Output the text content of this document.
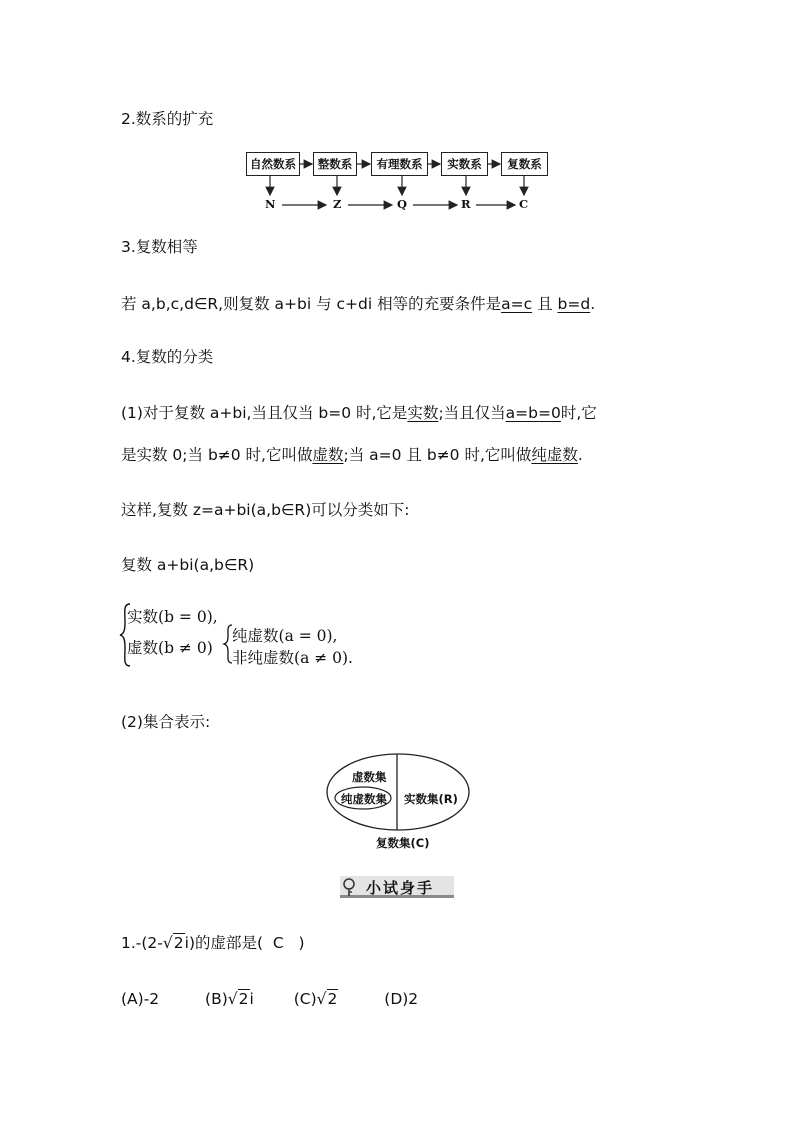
2.数系的扩充
自然数系	整数系	有理数系	实数系	复数系
N	Z	Q	R	C
3.复数相等
若 a,b,c,d∈R,则复数 a+bi 与 c+di 相等的充要条件是a=c 且 b=d.
4.复数的分类
(1)对于复数 a+bi,当且仅当 b=0 时,它是实数;当且仅当a=b=0时,它
是实数 0;当 b≠0 时,它叫做虚数;当 a=0 且 b≠0 时,它叫做纯虚数.
这样,复数 z=a+bi(a,b∈R)可以分类如下:
复数 a+bi(a,b∈R)
实数(b = 0),
虚数(b ≠ 0)
纯虚数(a = 0),
非纯虚数(a ≠ 0).
(2)集合表示:
虚数集
纯虚数集 实数集(R)
复数集(C)
小试身手
1.-(2-√2i)的虚部是( C )
(A)-2	(B)√2i	(C)√2	(D)2
